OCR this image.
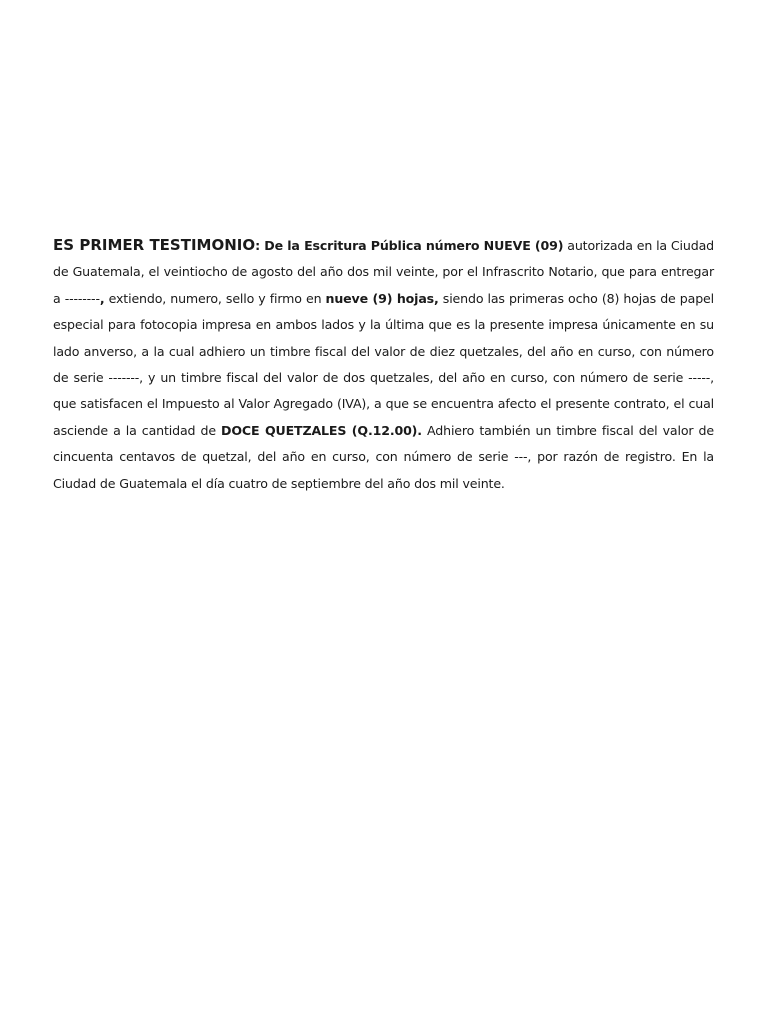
ES PRIMER TESTIMONIO: De la Escritura Pública número NUEVE (09) autorizada en la Ciudad de Guatemala, el veintiocho de agosto del año dos mil veinte, por el Infrascrito Notario, que para entregar a --------, extiendo, numero, sello y firmo en nueve (9) hojas, siendo las primeras ocho (8) hojas de papel especial para fotocopia impresa en ambos lados y la última que es la presente impresa únicamente en su lado anverso, a la cual adhiero un timbre fiscal del valor de diez quetzales, del año en curso, con número de serie -------, y un timbre fiscal del valor de dos quetzales, del año en curso, con número de serie -----, que satisfacen el Impuesto al Valor Agregado (IVA), a que se encuentra afecto el presente contrato, el cual asciende a la cantidad de DOCE QUETZALES (Q.12.00). Adhiero también un timbre fiscal del valor de cincuenta centavos de quetzal, del año en curso, con número de serie ---, por razón de registro. En la Ciudad de Guatemala el día cuatro de septiembre del año dos mil veinte.
